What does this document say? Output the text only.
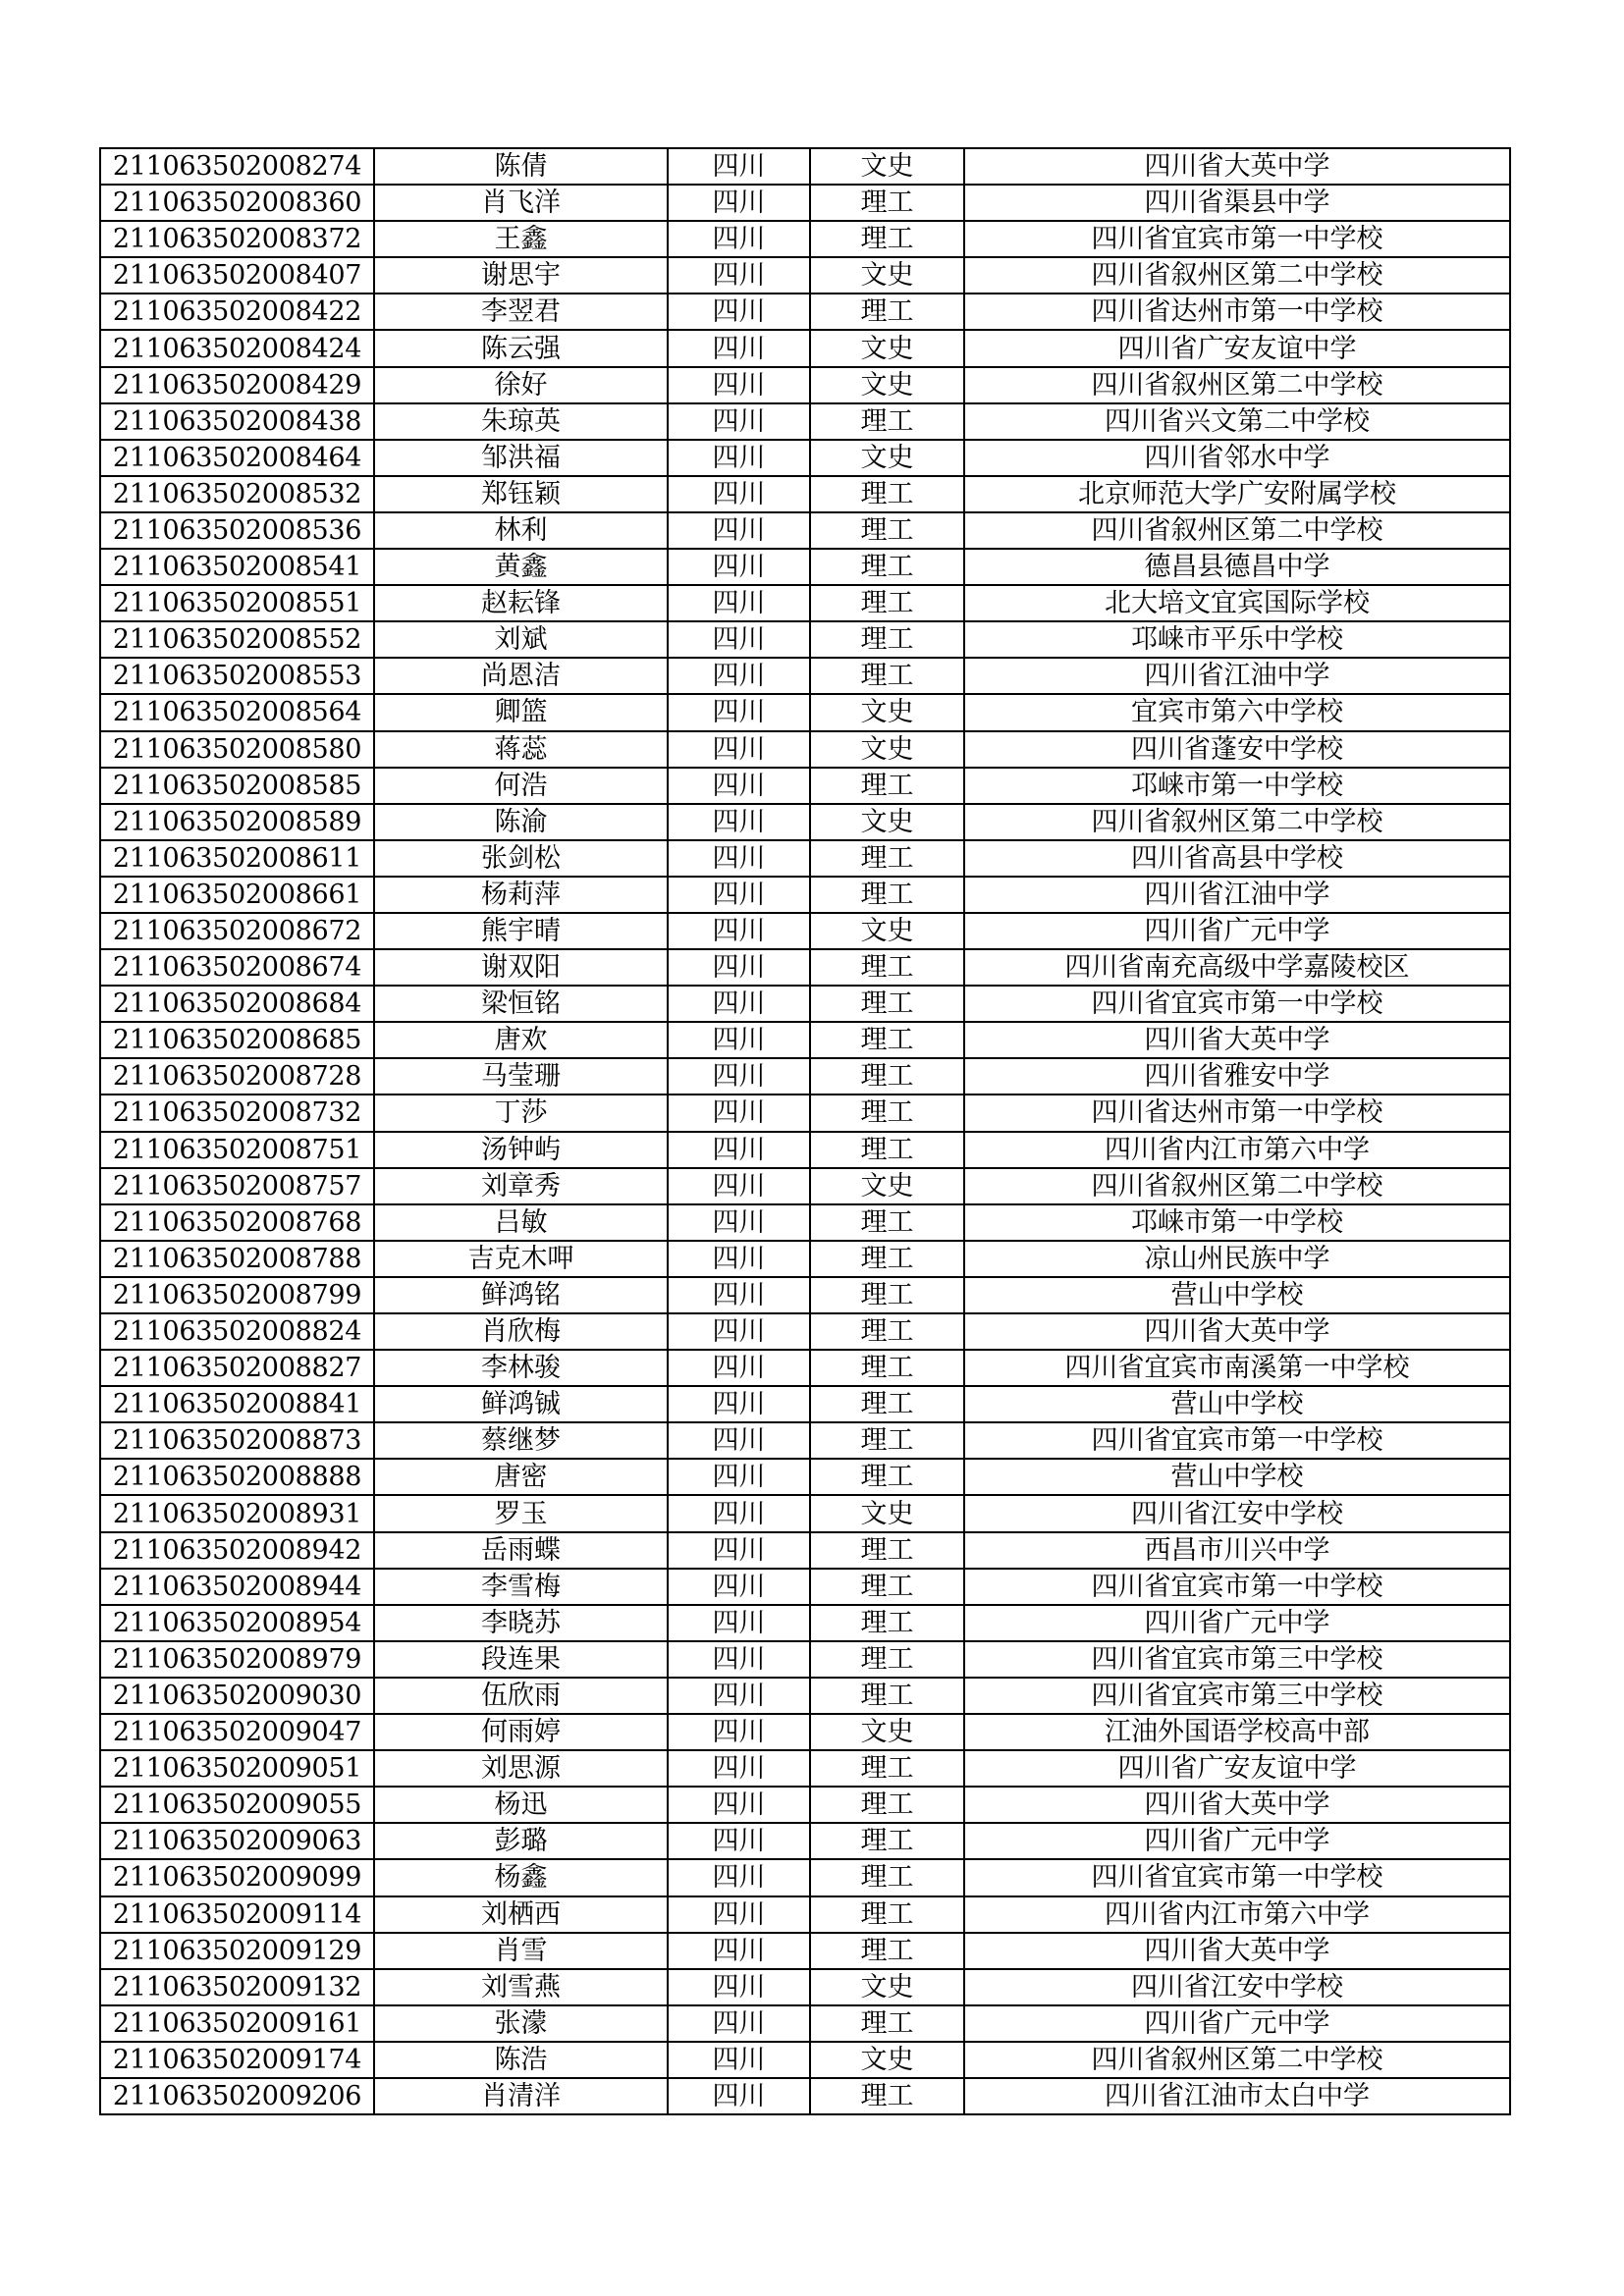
211063502008274	陈倩	四川	文史	四川省大英中学
211063502008360	肖飞洋	四川	理工	四川省渠县中学
211063502008372	王鑫	四川	理工	四川省宜宾市第一中学校
211063502008407	谢思宇	四川	文史	四川省叙州区第二中学校
211063502008422	李翌君	四川	理工	四川省达州市第一中学校
211063502008424	陈云强	四川	文史	四川省广安友谊中学
211063502008429	徐好	四川	文史	四川省叙州区第二中学校
211063502008438	朱琼英	四川	理工	四川省兴文第二中学校
211063502008464	邹洪福	四川	文史	四川省邻水中学
211063502008532	郑钰颖	四川	理工	北京师范大学广安附属学校
211063502008536	林利	四川	理工	四川省叙州区第二中学校
211063502008541	黄鑫	四川	理工	德昌县德昌中学
211063502008551	赵耘锋	四川	理工	北大培文宜宾国际学校
211063502008552	刘斌	四川	理工	邛崃市平乐中学校
211063502008553	尚恩洁	四川	理工	四川省江油中学
211063502008564	卿篮	四川	文史	宜宾市第六中学校
211063502008580	蒋蕊	四川	文史	四川省蓬安中学校
211063502008585	何浩	四川	理工	邛崃市第一中学校
211063502008589	陈渝	四川	文史	四川省叙州区第二中学校
211063502008611	张剑松	四川	理工	四川省高县中学校
211063502008661	杨莉萍	四川	理工	四川省江油中学
211063502008672	熊宇晴	四川	文史	四川省广元中学
211063502008674	谢双阳	四川	理工	四川省南充高级中学嘉陵校区
211063502008684	梁恒铭	四川	理工	四川省宜宾市第一中学校
211063502008685	唐欢	四川	理工	四川省大英中学
211063502008728	马莹珊	四川	理工	四川省雅安中学
211063502008732	丁莎	四川	理工	四川省达州市第一中学校
211063502008751	汤钟屿	四川	理工	四川省内江市第六中学
211063502008757	刘章秀	四川	文史	四川省叙州区第二中学校
211063502008768	吕敏	四川	理工	邛崃市第一中学校
211063502008788	吉克木呷	四川	理工	凉山州民族中学
211063502008799	鲜鸿铭	四川	理工	营山中学校
211063502008824	肖欣梅	四川	理工	四川省大英中学
211063502008827	李林骏	四川	理工	四川省宜宾市南溪第一中学校
211063502008841	鲜鸿铖	四川	理工	营山中学校
211063502008873	蔡继梦	四川	理工	四川省宜宾市第一中学校
211063502008888	唐密	四川	理工	营山中学校
211063502008931	罗玉	四川	文史	四川省江安中学校
211063502008942	岳雨蝶	四川	理工	西昌市川兴中学
211063502008944	李雪梅	四川	理工	四川省宜宾市第一中学校
211063502008954	李晓苏	四川	理工	四川省广元中学
211063502008979	段连果	四川	理工	四川省宜宾市第三中学校
211063502009030	伍欣雨	四川	理工	四川省宜宾市第三中学校
211063502009047	何雨婷	四川	文史	江油外国语学校高中部
211063502009051	刘思源	四川	理工	四川省广安友谊中学
211063502009055	杨迅	四川	理工	四川省大英中学
211063502009063	彭璐	四川	理工	四川省广元中学
211063502009099	杨鑫	四川	理工	四川省宜宾市第一中学校
211063502009114	刘栖西	四川	理工	四川省内江市第六中学
211063502009129	肖雪	四川	理工	四川省大英中学
211063502009132	刘雪燕	四川	文史	四川省江安中学校
211063502009161	张濛	四川	理工	四川省广元中学
211063502009174	陈浩	四川	文史	四川省叙州区第二中学校
211063502009206	肖清洋	四川	理工	四川省江油市太白中学
